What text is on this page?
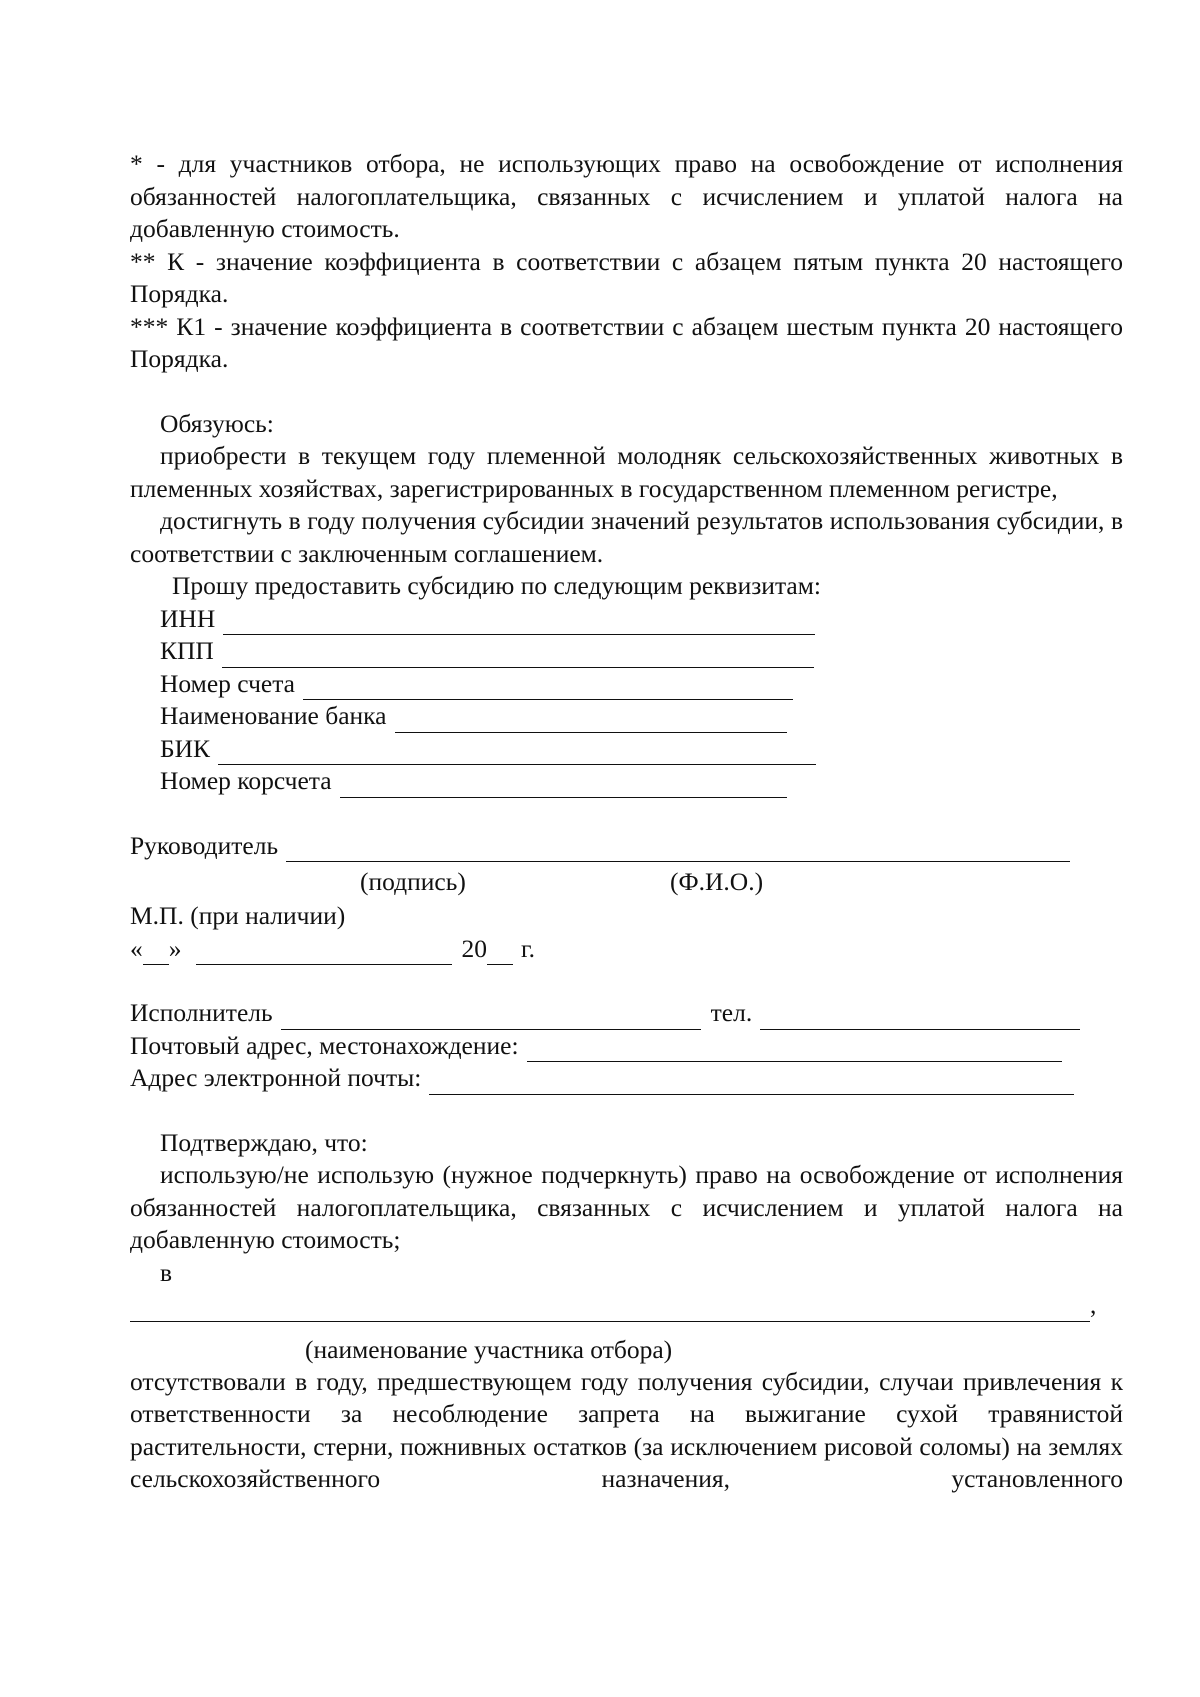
* - для участников отбора, не использующих право на освобождение от исполнения обязанностей налогоплательщика, связанных с исчислением и уплатой налога на добавленную стоимость.

** К - значение коэффициента в соответствии с абзацем пятым пункта 20 настоящего Порядка.

*** К1 - значение коэффициента в соответствии с абзацем шестым пункта 20 настоящего Порядка.

Обязуюсь:

приобрести в текущем году племенной молодняк сельскохозяйственных животных в племенных хозяйствах, зарегистрированных в государственном племенном регистре,

достигнуть в году получения субсидии значений результатов использования субсидии, в соответствии с заключенным соглашением.

Прошу предоставить субсидию по следующим реквизитам:

ИНН
КПП
Номер счета
Наименование банка
БИК
Номер корсчета
Руководитель
(подпись)	(Ф.И.О.)

М.П. (при наличии)

« »	20 г.
Исполнитель	тел.
Почтовый адрес, местонахождение:
Адрес электронной почты:

Подтверждаю, что:

использую/не использую (нужное подчеркнуть) право на освобождение от исполнения обязанностей налогоплательщика, связанных с исчислением и уплатой налога на добавленную стоимость;

в

,
(наименование участника отбора)

отсутствовали в году, предшествующем году получения субсидии, случаи привлечения к ответственности за несоблюдение запрета на выжигание сухой травянистой растительности, стерни, пожнивных остатков (за исключением рисовой соломы) на землях сельскохозяйственного назначения, установленного
